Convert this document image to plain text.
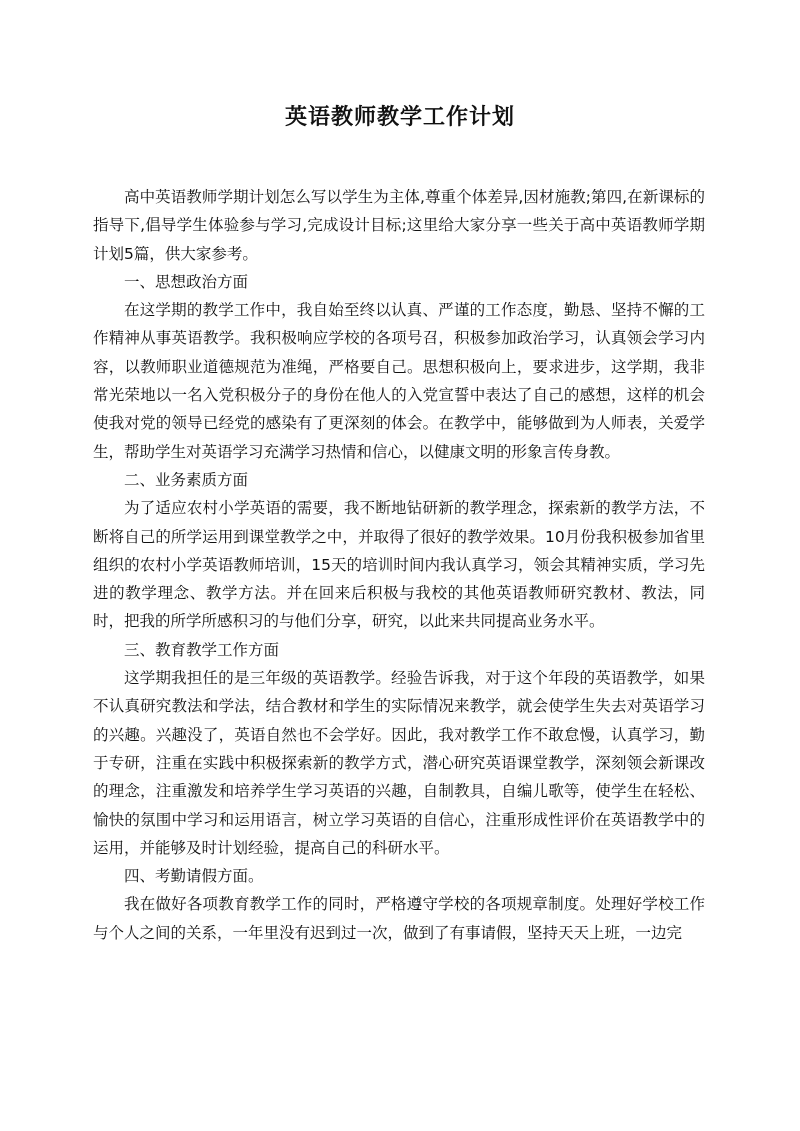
英语教师教学工作计划

高中英语教师学期计划怎么写以学生为主体,尊重个体差异,因材施教;第四,在新课标的指导下,倡导学生体验参与学习,完成设计目标;这里给大家分享一些关于高中英语教师学期计划5篇，供大家参考。

一、思想政治方面

在这学期的教学工作中，我自始至终以认真、严谨的工作态度，勤恳、坚持不懈的工作精神从事英语教学。我积极响应学校的各项号召，积极参加政治学习，认真领会学习内容，以教师职业道德规范为准绳，严格要自己。思想积极向上，要求进步，这学期，我非常光荣地以一名入党积极分子的身份在他人的入党宣誓中表达了自己的感想，这样的机会使我对党的领导已经党的感染有了更深刻的体会。在教学中，能够做到为人师表，关爱学生，帮助学生对英语学习充满学习热情和信心，以健康文明的形象言传身教。

二、业务素质方面

为了适应农村小学英语的需要，我不断地钻研新的教学理念，探索新的教学方法，不断将自己的所学运用到课堂教学之中，并取得了很好的教学效果。10月份我积极参加省里组织的农村小学英语教师培训，15天的培训时间内我认真学习，领会其精神实质，学习先进的教学理念、教学方法。并在回来后积极与我校的其他英语教师研究教材、教法，同时，把我的所学所感积习的与他们分享，研究，以此来共同提高业务水平。

三、教育教学工作方面

这学期我担任的是三年级的英语教学。经验告诉我，对于这个年段的英语教学，如果不认真研究教法和学法，结合教材和学生的实际情况来教学，就会使学生失去对英语学习的兴趣。兴趣没了，英语自然也不会学好。因此，我对教学工作不敢怠慢，认真学习，勤于专研，注重在实践中积极探索新的教学方式，潜心研究英语课堂教学，深刻领会新课改的理念，注重激发和培养学生学习英语的兴趣，自制教具，自编儿歌等，使学生在轻松、愉快的氛围中学习和运用语言，树立学习英语的自信心，注重形成性评价在英语教学中的运用，并能够及时计划经验，提高自己的科研水平。

四、考勤请假方面。

我在做好各项教育教学工作的同时，严格遵守学校的各项规章制度。处理好学校工作与个人之间的关系，一年里没有迟到过一次，做到了有事请假，坚持天天上班，一边完
